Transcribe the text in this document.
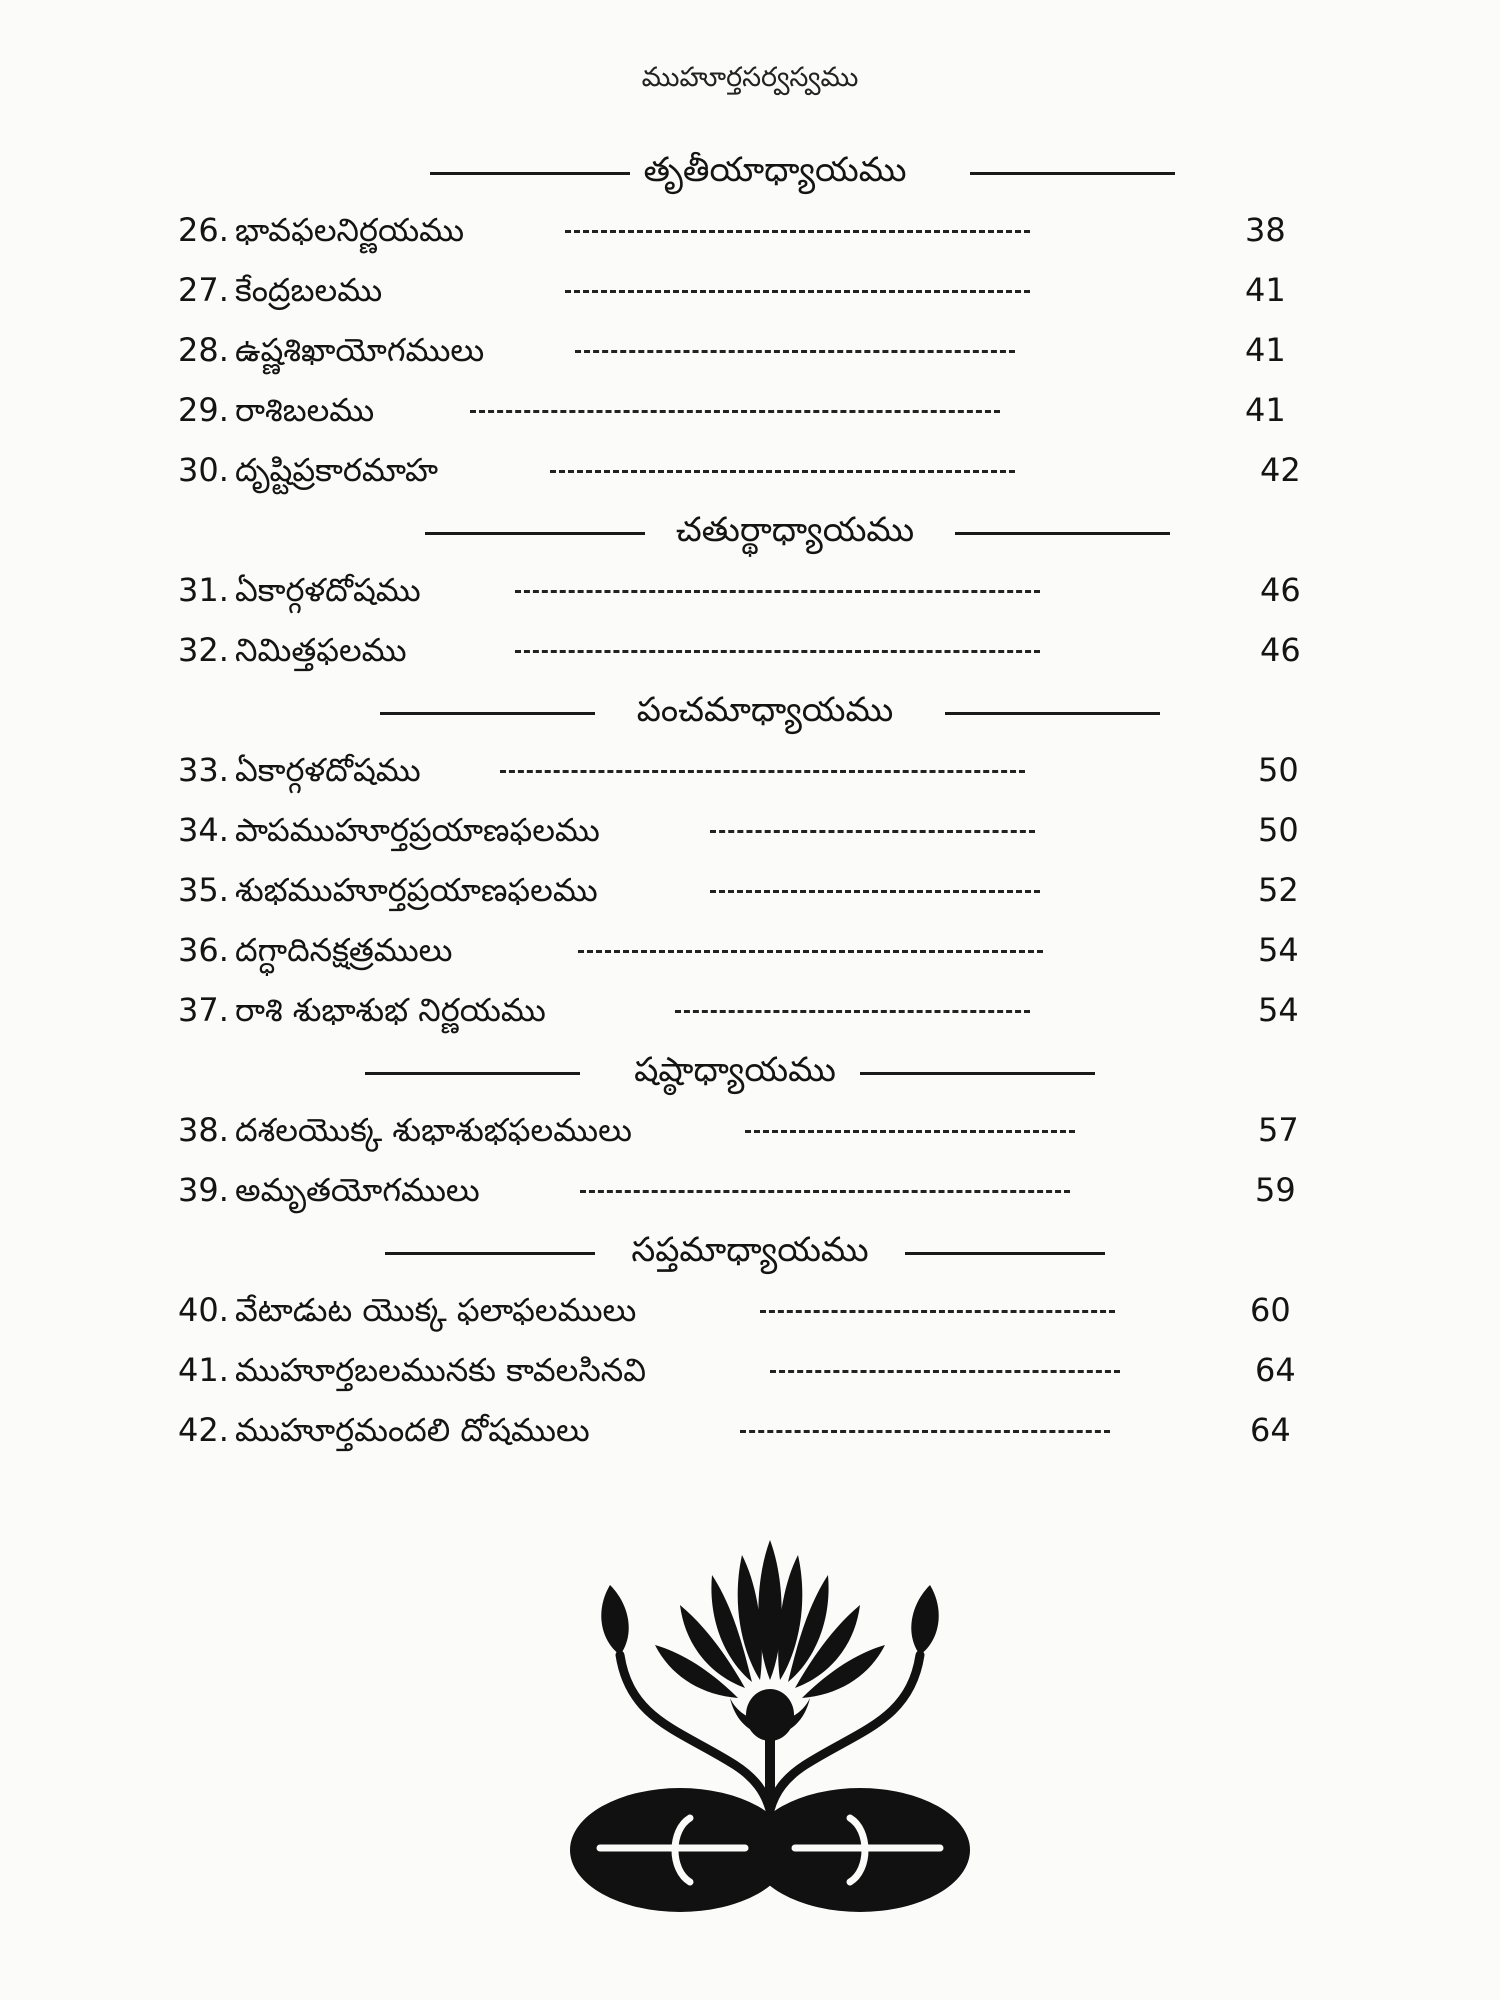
ముహూర్తసర్వస్వము
తృతీయాధ్యాయము
26. భావఫలనిర్ణయము	38
27. కేంద్రబలము	41
28. ఉష్ణశిఖాయోగములు	41
29. రాశిబలము	41
30. దృష్టిప్రకారమాహ	42
చతుర్థాధ్యాయము
31. ఏకార్గళదోషము	46
32. నిమిత్తఫలము	46
పంచమాధ్యాయము
33. ఏకార్గళదోషము	50
34. పాపముహూర్తప్రయాణఫలము	50
35. శుభముహూర్తప్రయాణఫలము	52
36. దగ్ధాదినక్షత్రములు	54
37. రాశి శుభాశుభ నిర్ణయము	54
షష్ఠాధ్యాయము
38. దశలయొక్క శుభాశుభఫలములు	57
39. అమృతయోగములు	59
సప్తమాధ్యాయము
40. వేటాడుట యొక్క ఫలాఫలములు	60
41. ముహూర్తబలమునకు కావలసినవి	64
42. ముహూర్తమందలి దోషములు	64
